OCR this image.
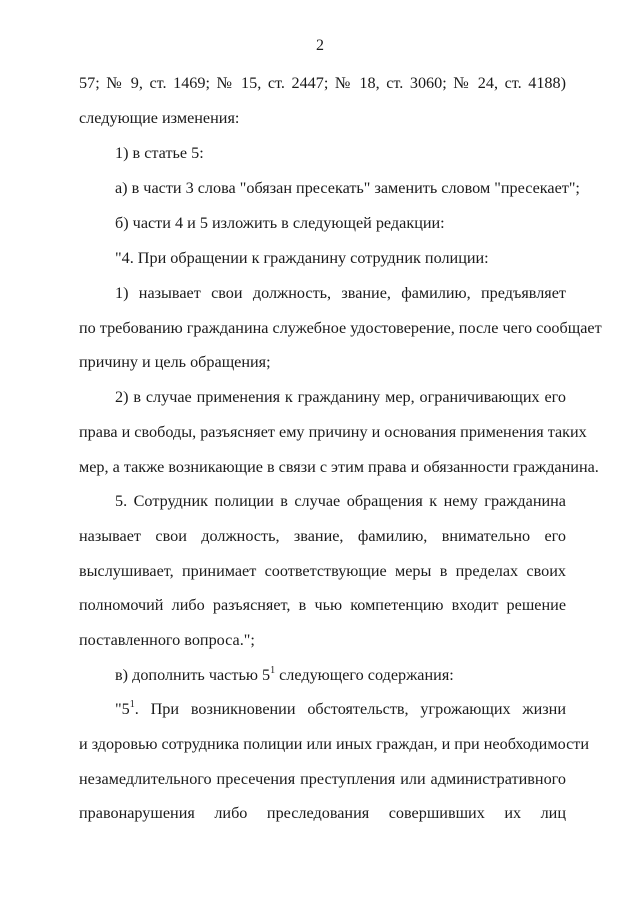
2
57; № 9, ст. 1469; № 15, ст. 2447; № 18, ст. 3060; № 24, ст. 4188)
следующие изменения:
1) в статье 5:
а) в части 3 слова "обязан пресекать" заменить словом "пресекает";
б) части 4 и 5 изложить в следующей редакции:
"4. При обращении к гражданину сотрудник полиции:
1) называет свои должность, звание, фамилию, предъявляет
по требованию гражданина служебное удостоверение, после чего сообщает
причину и цель обращения;
2) в случае применения к гражданину мер, ограничивающих его
права и свободы, разъясняет ему причину и основания применения таких
мер, а также возникающие в связи с этим права и обязанности гражданина.
5. Сотрудник полиции в случае обращения к нему гражданина
называет свои должность, звание, фамилию, внимательно его
выслушивает, принимает соответствующие меры в пределах своих
полномочий либо разъясняет, в чью компетенцию входит решение
поставленного вопроса.";
в) дополнить частью $5^1$ следующего содержания:
"$5^1$. При возникновении обстоятельств, угрожающих жизни
и здоровью сотрудника полиции или иных граждан, и при необходимости
незамедлительного пресечения преступления или административного
правонарушения либо преследования совершивших их лиц
